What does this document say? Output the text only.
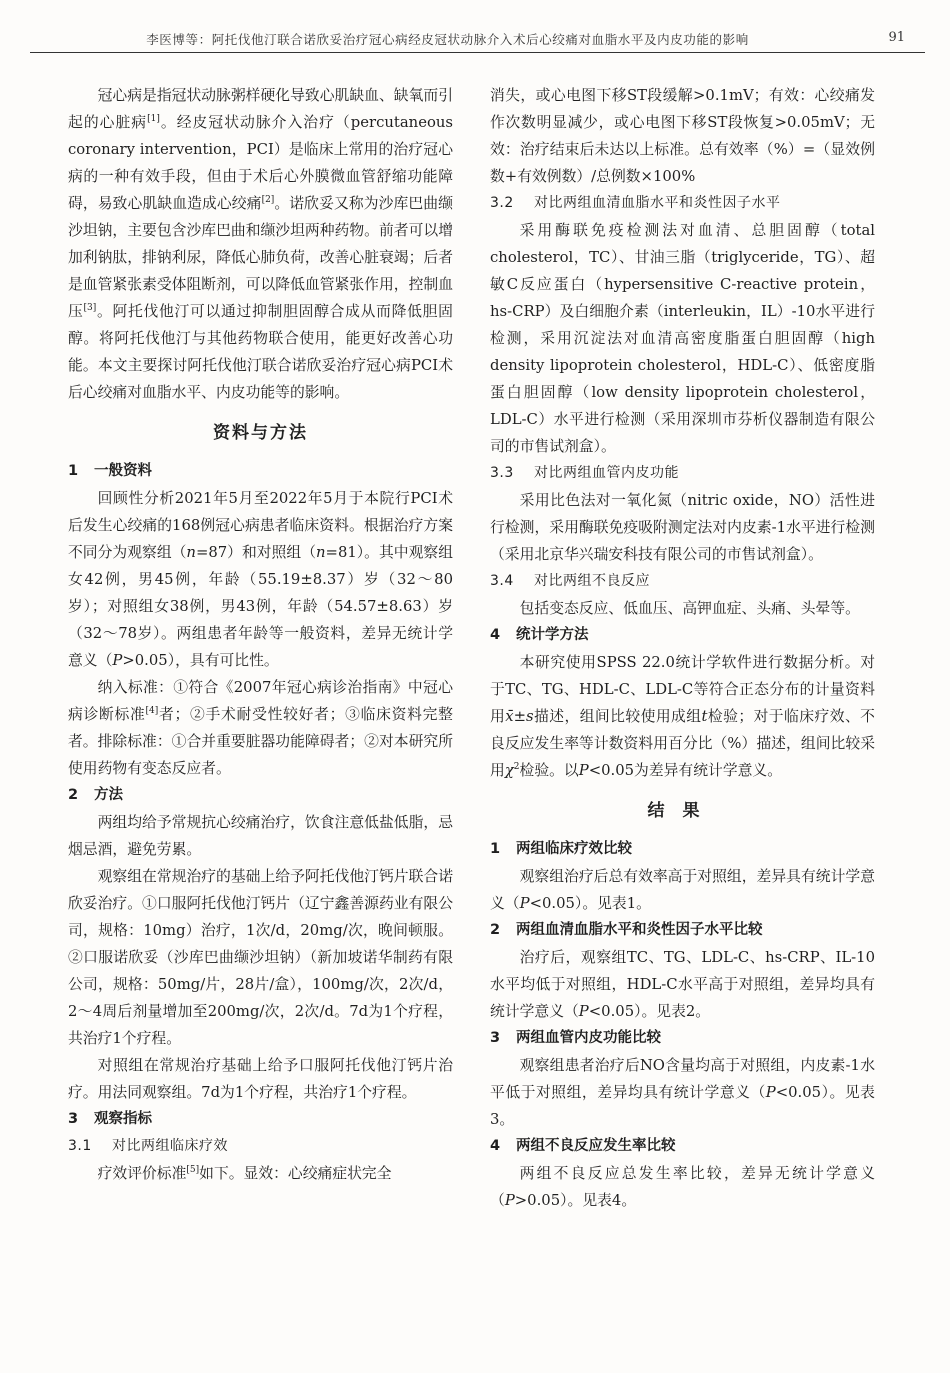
李医博等：阿托伐他汀联合诺欣妥治疗冠心病经皮冠状动脉介入术后心绞痛对血脂水平及内皮功能的影响	91

冠心病是指冠状动脉粥样硬化导致心肌缺血、缺氧而引起的心脏病[1]。经皮冠状动脉介入治疗（percutaneous coronary intervention，PCI）是临床上常用的治疗冠心病的一种有效手段，但由于术后心外膜微血管舒缩功能障碍，易致心肌缺血造成心绞痛[2]。诺欣妥又称为沙库巴曲缬沙坦钠，主要包含沙库巴曲和缬沙坦两种药物。前者可以增加利钠肽，排钠利尿，降低心肺负荷，改善心脏衰竭；后者是血管紧张素受体阻断剂，可以降低血管紧张作用，控制血压[3]。阿托伐他汀可以通过抑制胆固醇合成从而降低胆固醇。将阿托伐他汀与其他药物联合使用，能更好改善心功能。本文主要探讨阿托伐他汀联合诺欣妥治疗冠心病PCI术后心绞痛对血脂水平、内皮功能等的影响。

资料与方法
1 一般资料

回顾性分析2021年5月至2022年5月于本院行PCI术后发生心绞痛的168例冠心病患者临床资料。根据治疗方案不同分为观察组（n=87）和对照组（n=81）。其中观察组女42例，男45例，年龄（55.19±8.37）岁（32～80岁）；对照组女38例，男43例，年龄（54.57±8.63）岁（32～78岁）。两组患者年龄等一般资料，差异无统计学意义（P>0.05），具有可比性。

纳入标准：①符合《2007年冠心病诊治指南》中冠心病诊断标准[4]者；②手术耐受性较好者；③临床资料完整者。排除标准：①合并重要脏器功能障碍者；②对本研究所使用药物有变态反应者。

2 方法

两组均给予常规抗心绞痛治疗，饮食注意低盐低脂，忌烟忌酒，避免劳累。

观察组在常规治疗的基础上给予阿托伐他汀钙片联合诺欣妥治疗。①口服阿托伐他汀钙片（辽宁鑫善源药业有限公司，规格：10mg）治疗，1次/d，20mg/次，晚间顿服。②口服诺欣妥（沙库巴曲缬沙坦钠）（新加坡诺华制药有限公司，规格：50mg/片，28片/盒），100mg/次，2次/d，2～4周后剂量增加至200mg/次，2次/d。7d为1个疗程，共治疗1个疗程。

对照组在常规治疗基础上给予口服阿托伐他汀钙片治疗。用法同观察组。7d为1个疗程，共治疗1个疗程。

3 观察指标
3.1 对比两组临床疗效

疗效评价标准[5]如下。显效：心绞痛症状完全

消失，或心电图下移ST段缓解>0.1mV；有效：心绞痛发作次数明显减少，或心电图下移ST段恢复>0.05mV；无效：治疗结束后未达以上标准。总有效率（%）=（显效例数+有效例数）/总例数×100%

3.2 对比两组血清血脂水平和炎性因子水平

采用酶联免疫检测法对血清、总胆固醇（total cholesterol，TC）、甘油三脂（triglyceride，TG）、超敏C反应蛋白（hypersensitive C-reactive protein，hs-CRP）及白细胞介素（interleukin，IL）-10水平进行检测，采用沉淀法对血清高密度脂蛋白胆固醇（high density lipoprotein cholesterol，HDL-C）、低密度脂蛋白胆固醇（low density lipoprotein cholesterol，LDL-C）水平进行检测（采用深圳市芬析仪器制造有限公司的市售试剂盒）。

3.3 对比两组血管内皮功能

采用比色法对一氧化氮（nitric oxide，NO）活性进行检测，采用酶联免疫吸附测定法对内皮素-1水平进行检测（采用北京华兴瑞安科技有限公司的市售试剂盒）。

3.4 对比两组不良反应

包括变态反应、低血压、高钾血症、头痛、头晕等。

4 统计学方法

本研究使用SPSS 22.0统计学软件进行数据分析。对于TC、TG、HDL-C、LDL-C等符合正态分布的计量资料用x̄±s描述，组间比较使用成组t检验；对于临床疗效、不良反应发生率等计数资料用百分比（%）描述，组间比较采用$\chi^2$检验。以P<0.05为差异有统计学意义。

结果
1 两组临床疗效比较

观察组治疗后总有效率高于对照组，差异具有统计学意义（P<0.05）。见表1。

2 两组血清血脂水平和炎性因子水平比较

治疗后，观察组TC、TG、LDL-C、hs-CRP、IL-10水平均低于对照组，HDL-C水平高于对照组，差异均具有统计学意义（P<0.05）。见表2。

3 两组血管内皮功能比较

观察组患者治疗后NO含量均高于对照组，内皮素-1水平低于对照组，差异均具有统计学意义（P<0.05）。见表3。

4 两组不良反应发生率比较

两组不良反应总发生率比较，差异无统计学意义（P>0.05）。见表4。
